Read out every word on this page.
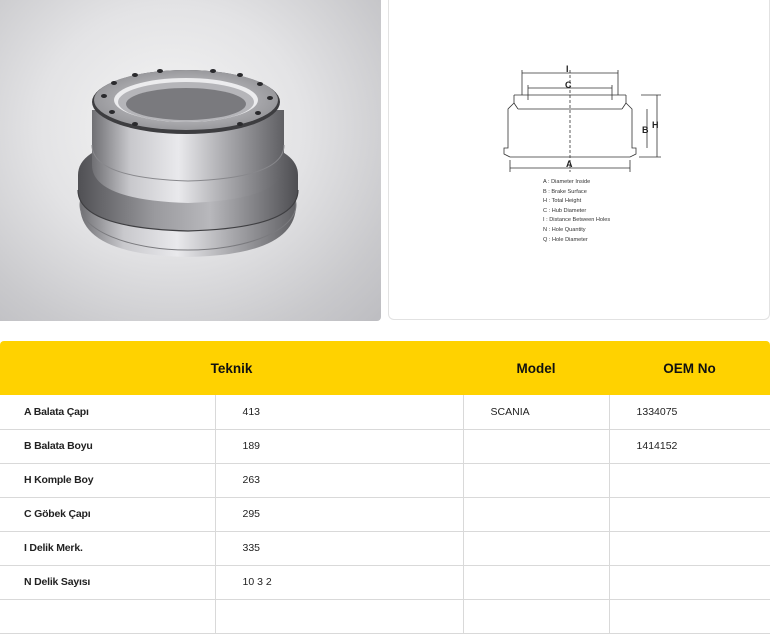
I
C
A
B H
A : Diameter Inside
B : Brake Surface
H : Total Height
C : Hub Diameter
I : Distance Between Holes
N : Hole Quantity
Q : Hole Diameter
Teknik		Model	OEM No
A Balata Çapı	413	SCANIA	1334075
B Balata Boyu	189		1414152
H Komple Boy	263		
C Göbek Çapı	295		
I Delik Merk.	335		
N Delik Sayısı	10 3 2		
